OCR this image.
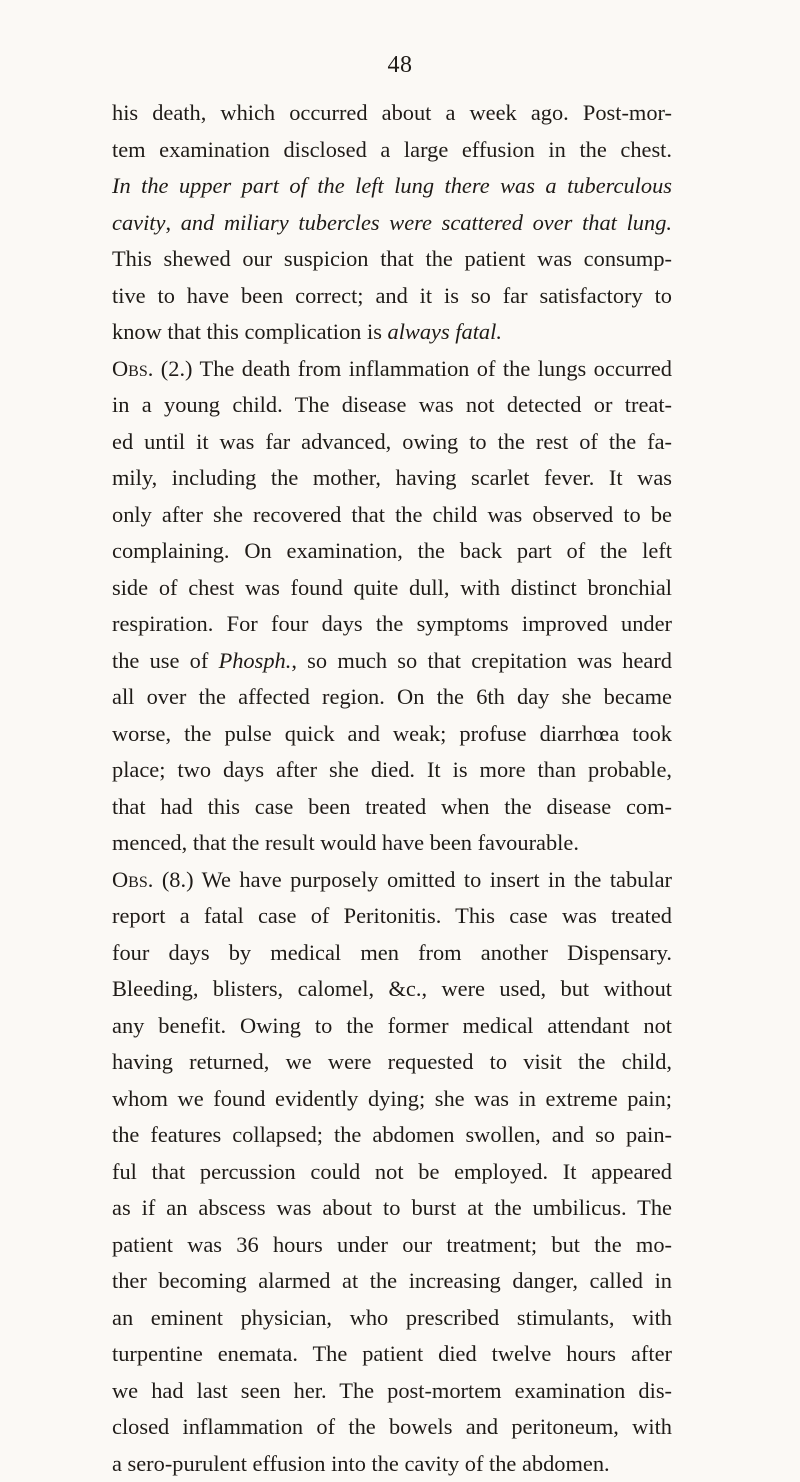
48
his death, which occurred about a week ago. Post-mor-
tem examination disclosed a large effusion in the chest.
In the upper part of the left lung there was a tuberculous
cavity, and miliary tubercles were scattered over that lung.
This shewed our suspicion that the patient was consump-
tive to have been correct; and it is so far satisfactory to
know that this complication is always fatal.
Obs. (2.) The death from inflammation of the lungs occurred
in a young child. The disease was not detected or treat-
ed until it was far advanced, owing to the rest of the fa-
mily, including the mother, having scarlet fever. It was
only after she recovered that the child was observed to be
complaining. On examination, the back part of the left
side of chest was found quite dull, with distinct bronchial
respiration. For four days the symptoms improved under
the use of Phosph., so much so that crepitation was heard
all over the affected region. On the 6th day she became
worse, the pulse quick and weak; profuse diarrhœa took
place; two days after she died. It is more than probable,
that had this case been treated when the disease com-
menced, that the result would have been favourable.
Obs. (8.) We have purposely omitted to insert in the tabular
report a fatal case of Peritonitis. This case was treated
four days by medical men from another Dispensary.
Bleeding, blisters, calomel, &c., were used, but without
any benefit. Owing to the former medical attendant not
having returned, we were requested to visit the child,
whom we found evidently dying; she was in extreme pain;
the features collapsed; the abdomen swollen, and so pain-
ful that percussion could not be employed. It appeared
as if an abscess was about to burst at the umbilicus. The
patient was 36 hours under our treatment; but the mo-
ther becoming alarmed at the increasing danger, called in
an eminent physician, who prescribed stimulants, with
turpentine enemata. The patient died twelve hours after
we had last seen her. The post-mortem examination dis-
closed inflammation of the bowels and peritoneum, with
a sero-purulent effusion into the cavity of the abdomen.
